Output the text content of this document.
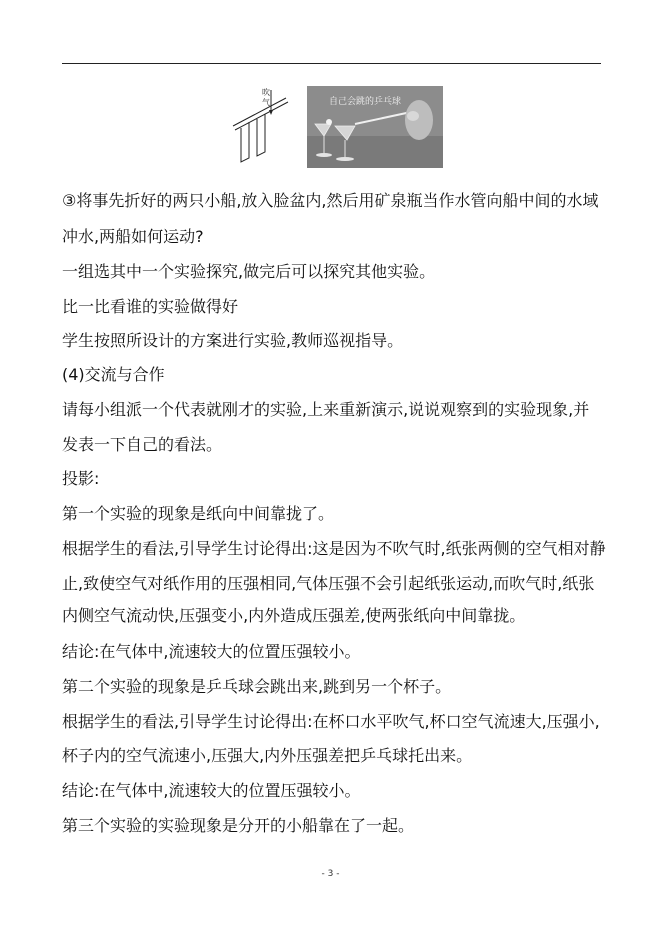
吹
气	自己会跳的乒乓球
③将事先折好的两只小船,放入脸盆内,然后用矿泉瓶当作水管向船中间的水域
冲水,两船如何运动?
一组选其中一个实验探究,做完后可以探究其他实验。
比一比看谁的实验做得好
学生按照所设计的方案进行实验,教师巡视指导。
(4)交流与合作
请每小组派一个代表就刚才的实验,上来重新演示,说说观察到的实验现象,并
发表一下自己的看法。
投影:
第一个实验的现象是纸向中间靠拢了。
根据学生的看法,引导学生讨论得出:这是因为不吹气时,纸张两侧的空气相对静
止,致使空气对纸作用的压强相同,气体压强不会引起纸张运动,而吹气时,纸张
内侧空气流动快,压强变小,内外造成压强差,使两张纸向中间靠拢。
结论:在气体中,流速较大的位置压强较小。
第二个实验的现象是乒乓球会跳出来,跳到另一个杯子。
根据学生的看法,引导学生讨论得出:在杯口水平吹气,杯口空气流速大,压强小,
杯子内的空气流速小,压强大,内外压强差把乒乓球托出来。
结论:在气体中,流速较大的位置压强较小。
第三个实验的实验现象是分开的小船靠在了一起。
- 3 -
